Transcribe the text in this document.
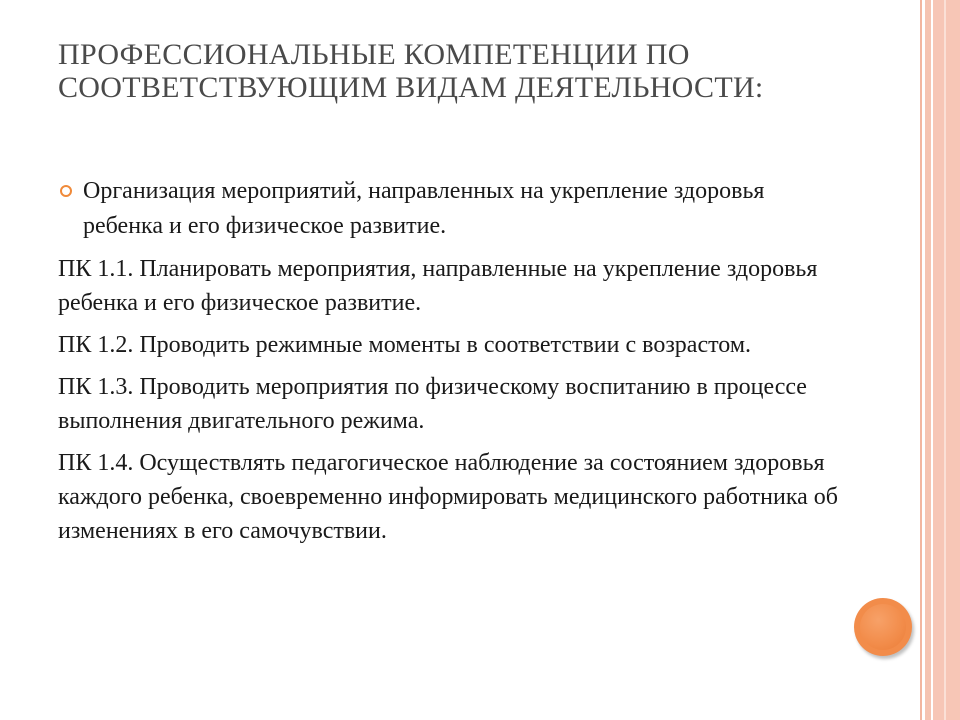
ПРОФЕССИОНАЛЬНЫЕ КОМПЕТЕНЦИИ ПО СООТВЕТСТВУЮЩИМ ВИДАМ ДЕЯТЕЛЬНОСТИ:
Организация мероприятий, направленных на укрепление здоровья ребенка и его физическое развитие.
ПК 1.1. Планировать мероприятия, направленные на укрепление здоровья ребенка и его физическое развитие.
ПК 1.2. Проводить режимные моменты в соответствии с возрастом.
ПК 1.3. Проводить мероприятия по физическому воспитанию в процессе выполнения двигательного режима.
ПК 1.4. Осуществлять педагогическое наблюдение за состоянием здоровья каждого ребенка, своевременно информировать медицинского работника об изменениях в его самочувствии.
